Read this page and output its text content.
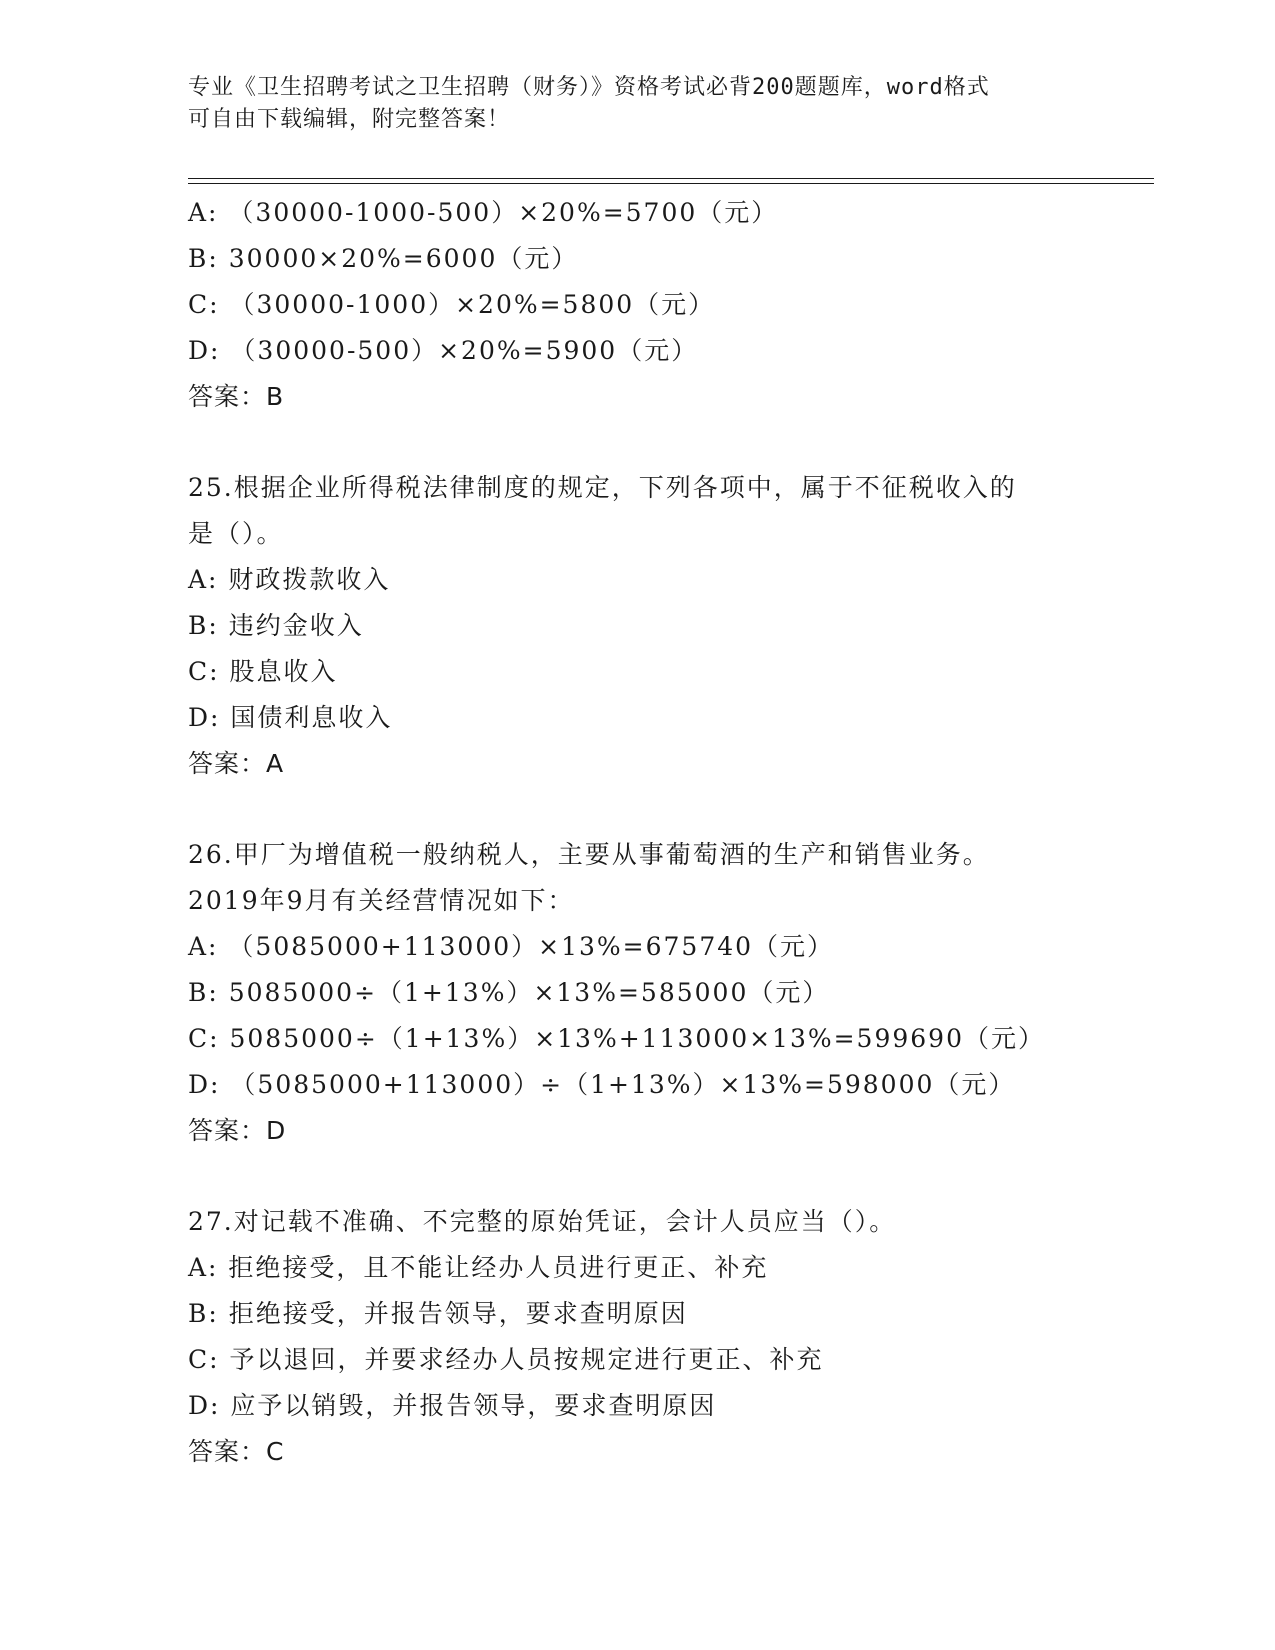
专业《卫生招聘考试之卫生招聘（财务）》资格考试必背200题题库，word格式
可自由下载编辑，附完整答案！
A: （30000-1000-500）×20%=5700（元）
B: 30000×20%=6000（元）
C: （30000-1000）×20%=5800（元）
D: （30000-500）×20%=5900（元）
答案：B
25.根据企业所得税法律制度的规定，下列各项中，属于不征税收入的
是（）。
A: 财政拨款收入
B: 违约金收入
C: 股息收入
D: 国债利息收入
答案：A
26.甲厂为增值税一般纳税人，主要从事葡萄酒的生产和销售业务。
2019年9月有关经营情况如下：
A: （5085000+113000）×13%=675740（元）
B: 5085000÷（1+13%）×13%=585000（元）
C: 5085000÷（1+13%）×13%+113000×13%=599690（元）
D: （5085000+113000）÷（1+13%）×13%=598000（元）
答案：D
27.对记载不准确、不完整的原始凭证，会计人员应当（）。
A: 拒绝接受，且不能让经办人员进行更正、补充
B: 拒绝接受，并报告领导，要求查明原因
C: 予以退回，并要求经办人员按规定进行更正、补充
D: 应予以销毁，并报告领导，要求查明原因
答案：C
